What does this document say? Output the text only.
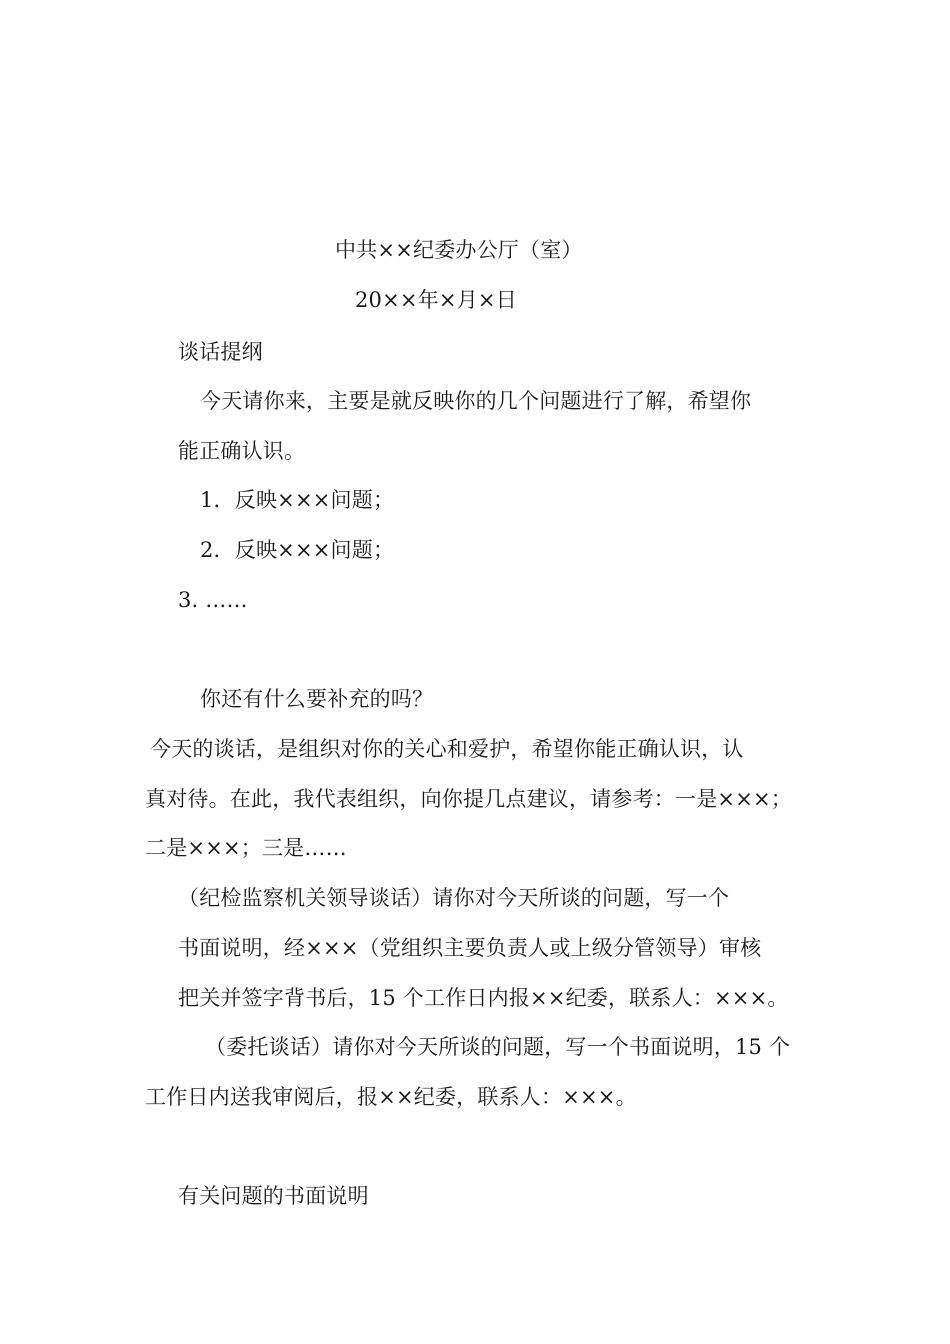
中共××纪委办公厅（室）
20××年×月×日
谈话提纲
今天请你来，主要是就反映你的几个问题进行了解，希望你
能正确认识。
1．反映×××问题；
2．反映×××问题；
3. ……
你还有什么要补充的吗？
今天的谈话，是组织对你的关心和爱护，希望你能正确认识，认
真对待。在此，我代表组织，向你提几点建议，请参考：一是×××；
二是×××；三是……
（纪检监察机关领导谈话）请你对今天所谈的问题，写一个
书面说明，经×××（党组织主要负责人或上级分管领导）审核
把关并签字背书后，15 个工作日内报××纪委，联系人：×××。
（委托谈话）请你对今天所谈的问题，写一个书面说明，15 个
工作日内送我审阅后，报××纪委，联系人：×××。
有关问题的书面说明
